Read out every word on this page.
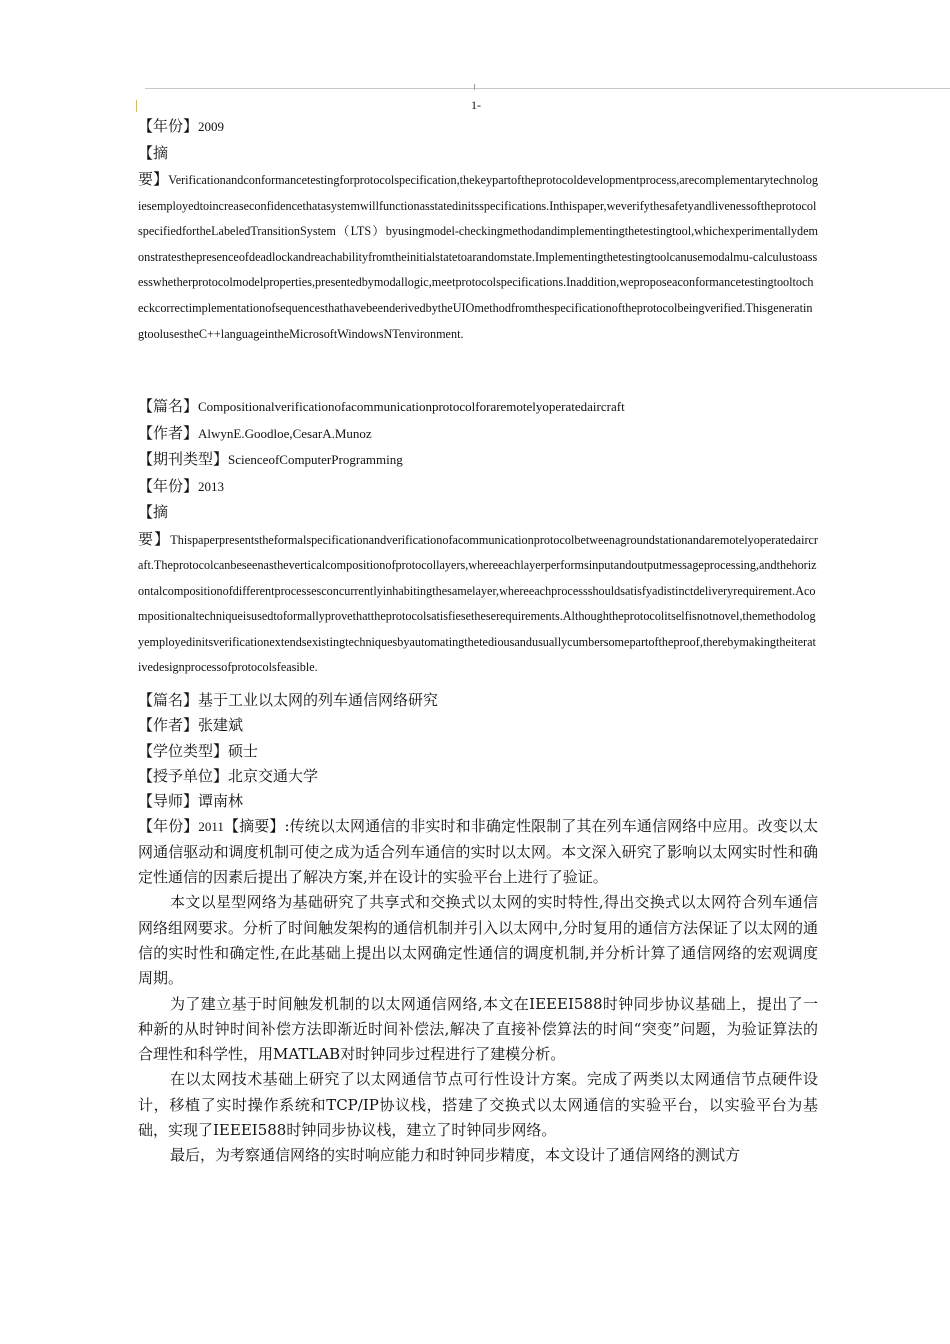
1-
【年份】2009
【摘

要】Verificationandconformancetestingforprotocolspecification,thekeypartoftheprotocoldevelopmentprocess,arecomplementarytechnologiesemployedtoincreaseconfidencethatasystemwillfunctionasstatedinitsspecifications.Inthispaper,weverifythesafetyandlivenessoftheprotocolspecifiedfortheLabeledTransitionSystem（LTS）byusingmodel-checkingmethodandimplementingthetestingtool,whichexperimentallydemonstratesthepresenceofdeadlockandreachabilityfromtheinitialstatetoarandomstate.Implementingthetestingtoolcanusemodalmu-calculustoassesswhetherprotocolmodelproperties,presentedbymodallogic,meetprotocolspecifications.Inaddition,weproposeaconformancetestingtooltocheckcorrectimplementationofsequencesthathavebeenderivedbytheUIOmethodfromthespecificationoftheprotocolbeingverified.ThisgeneratingtoolusestheC++languageintheMicrosoftWindowsNTenvironment.

【篇名】Compositionalverificationofacommunicationprotocolforaremotelyoperatedaircraft
【作者】AlwynE.Goodloe,CesarA.Munoz
【期刊类型】ScienceofComputerProgramming
【年份】2013
【摘

要】Thispaperpresentstheformalspecificationandverificationofacommunicationprotocolbetweenagroundstationandaremotelyoperatedaircraft.Theprotocolcanbeseenastheverticalcompositionofprotocollayers,whereeachlayerperformsinputandoutputmessageprocessing,andthehorizontalcompositionofdifferentprocessesconcurrentlyinhabitingthesamelayer,whereeachprocessshouldsatisfyadistinctdeliveryrequirement.Acompositionaltechniqueisusedtoformallyprovethattheprotocolsatisfiesetheserequirements.Althoughtheprotocolitselfisnotnovel,themethodologyemployedinitsverificationextendsexistingtechniquesbyautomatingthetediousandusuallycumbersomepartoftheproof,therebymakingtheiterativedesignprocessofprotocolsfeasible.

【篇名】基于工业以太网的列车通信网络研究
【作者】张建斌
【学位类型】硕士
【授予单位】北京交通大学
【导师】谭南林

【年份】2011【摘要】:传统以太网通信的非实时和非确定性限制了其在列车通信网络中应用。改变以太网通信驱动和调度机制可使之成为适合列车通信的实时以太网。本文深入研究了影响以太网实时性和确定性通信的因素后提出了解决方案,并在设计的实验平台上进行了验证。

本文以星型网络为基础研究了共享式和交换式以太网的实时特性,得出交换式以太网符合列车通信网络组网要求。分析了时间触发架构的通信机制并引入以太网中,分时复用的通信方法保证了以太网的通信的实时性和确定性,在此基础上提出以太网确定性通信的调度机制,并分析计算了通信网络的宏观调度周期。

为了建立基于时间触发机制的以太网通信网络,本文在IEEEI588时钟同步协议基础上，提出了一种新的从时钟时间补偿方法即渐近时间补偿法,解决了直接补偿算法的时间“突变”问题，为验证算法的合理性和科学性，用MATLAB对时钟同步过程进行了建模分析。

在以太网技术基础上研究了以太网通信节点可行性设计方案。完成了两类以太网通信节点硬件设计，移植了实时操作系统和TCP/IP协议栈，搭建了交换式以太网通信的实验平台，以实验平台为基础，实现了IEEEI588时钟同步协议栈，建立了时钟同步网络。

最后，为考察通信网络的实时响应能力和时钟同步精度，本文设计了通信网络的测试方
